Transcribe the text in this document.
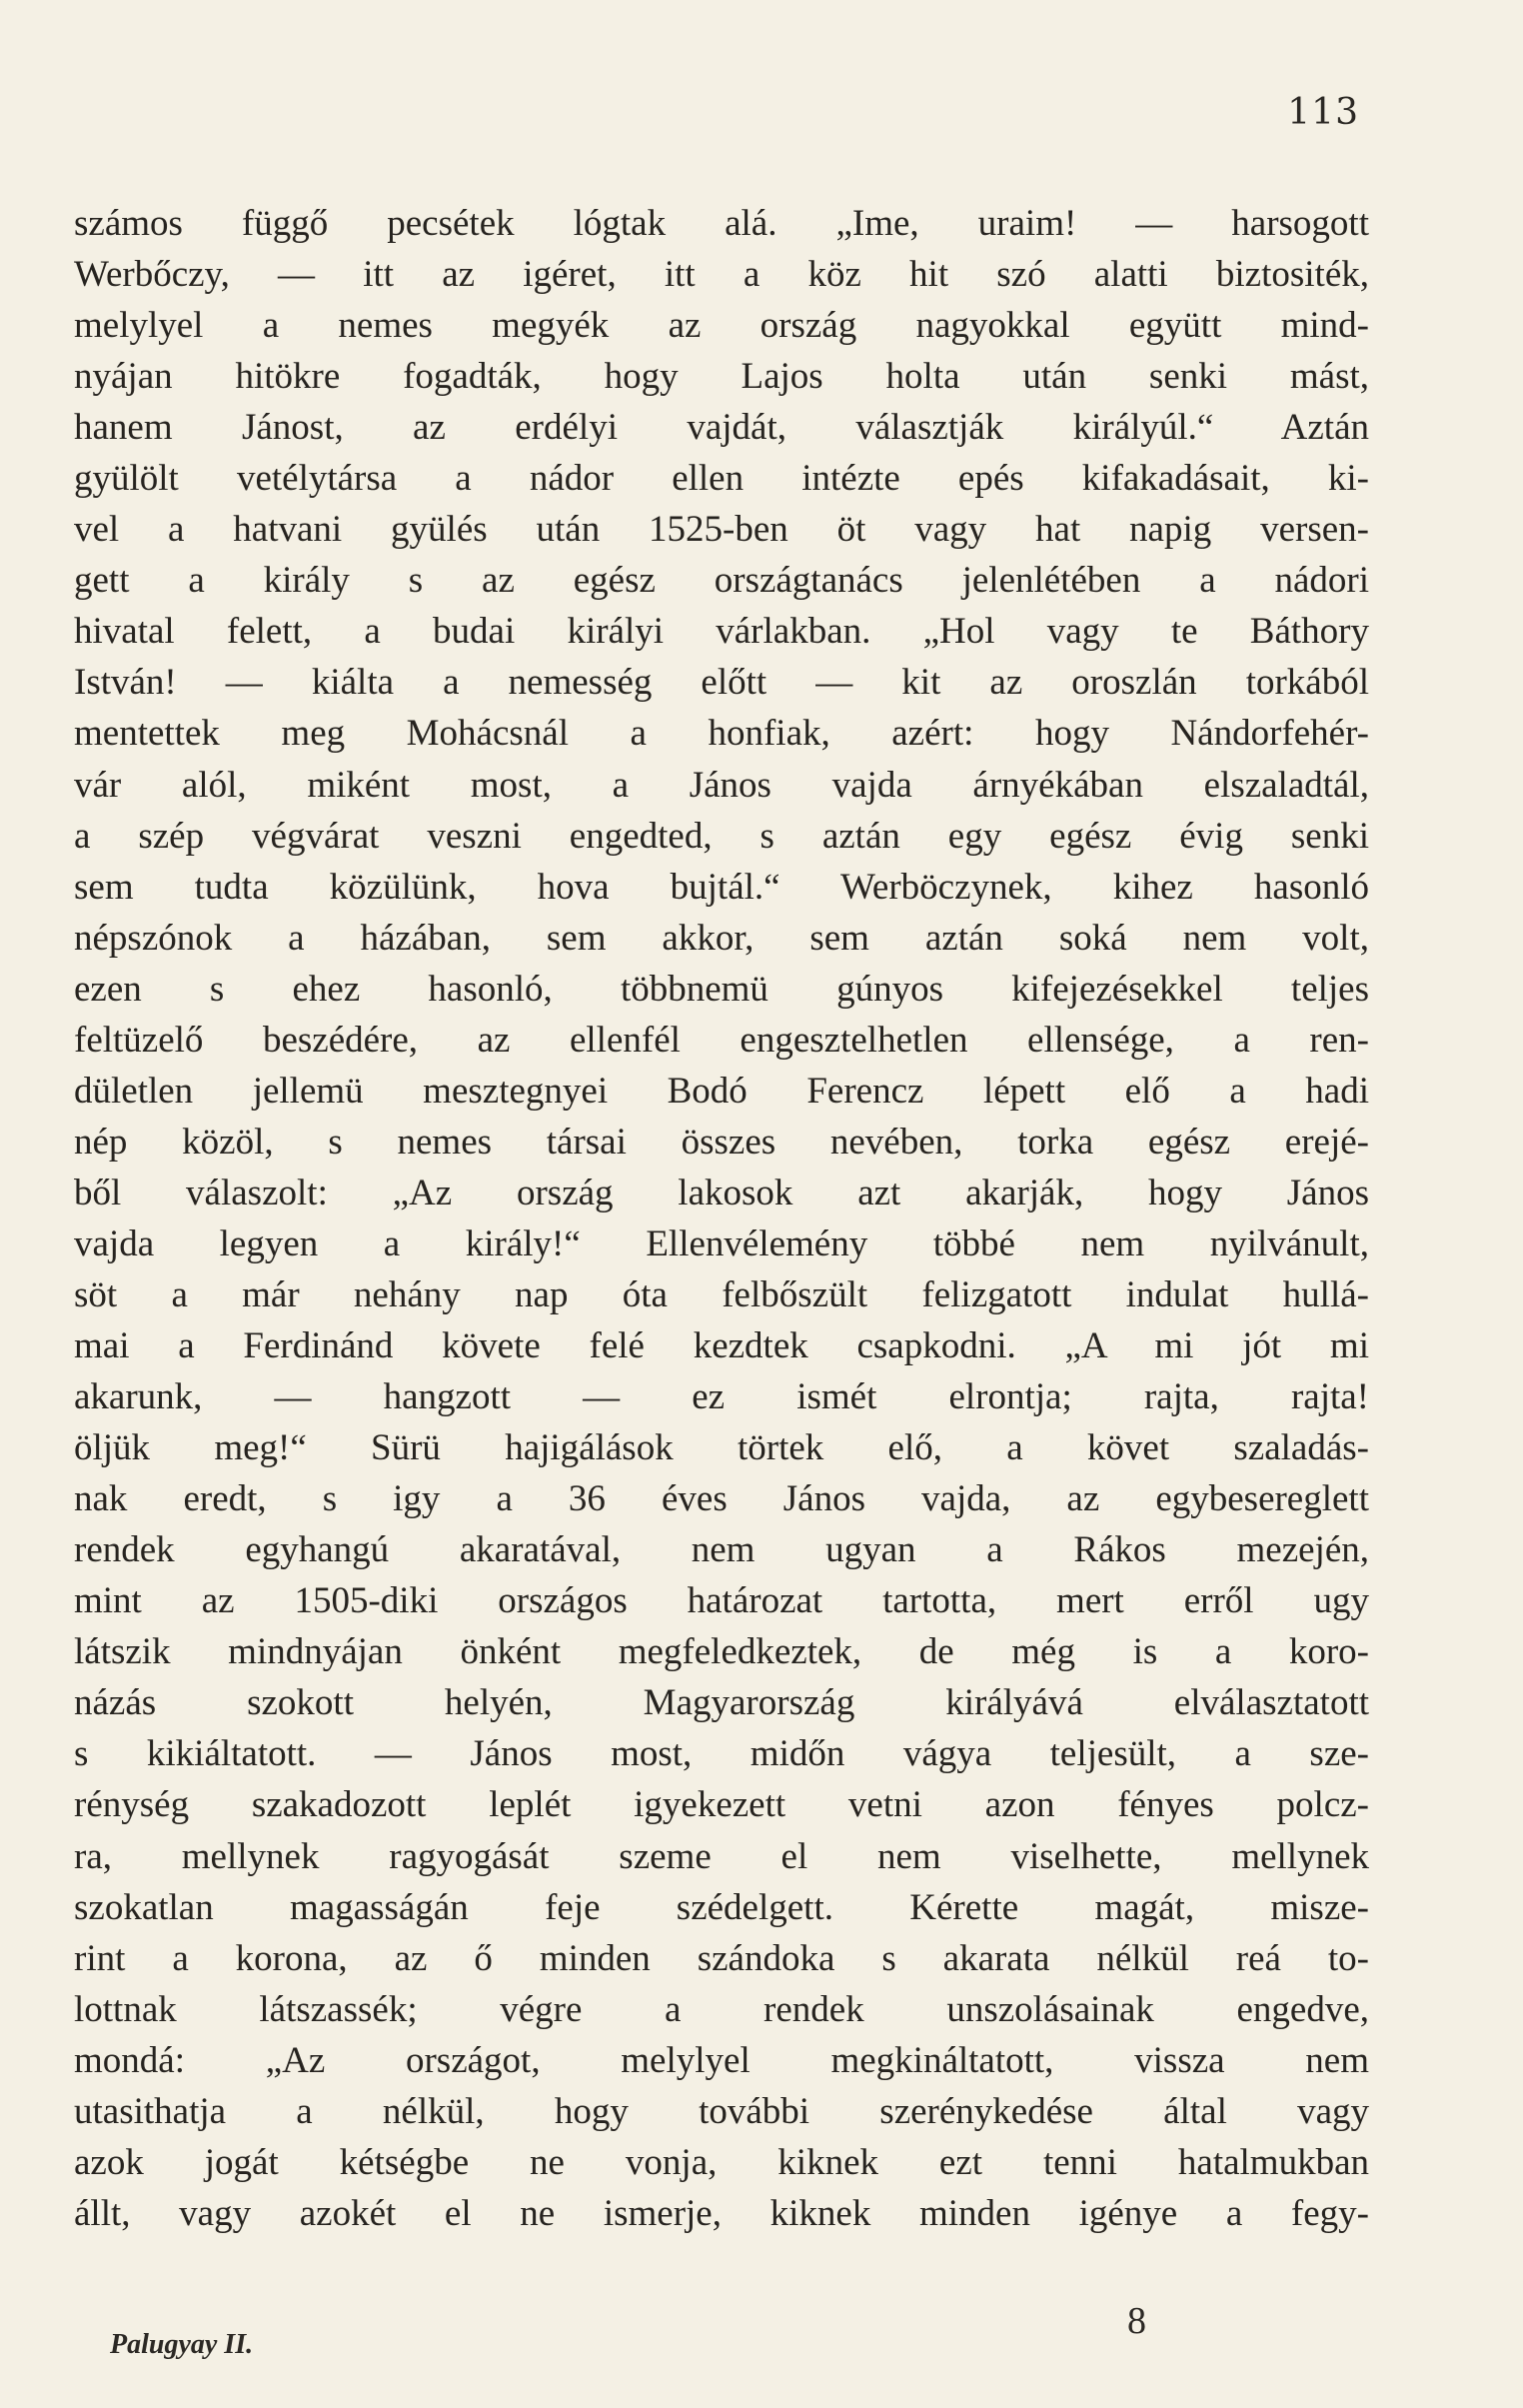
113
számos függő pecsétek lógtak alá. „Ime, uraim! — harsogott
Werbőczy, — itt az igéret, itt a köz hit szó alatti biztositék,
melylyel a nemes megyék az ország nagyokkal együtt mind-
nyájan hitökre fogadták, hogy Lajos holta után senki mást,
hanem Jánost, az erdélyi vajdát, választják királyúl.“ Aztán
gyülölt vetélytársa a nádor ellen intézte epés kifakadásait, ki-
vel a hatvani gyülés után 1525-ben öt vagy hat napig versen-
gett a király s az egész országtanács jelenlétében a nádori
hivatal felett, a budai királyi várlakban. „Hol vagy te Báthory
István! — kiálta a nemesség előtt — kit az oroszlán torkából
mentettek meg Mohácsnál a honfiak, azért: hogy Nándorfehér-
vár alól, miként most, a János vajda árnyékában elszaladtál,
a szép végvárat veszni engedted, s aztán egy egész évig senki
sem tudta közülünk, hova bujtál.“ Werböczynek, kihez hasonló
népszónok a házában, sem akkor, sem aztán soká nem volt,
ezen s ehez hasonló, többnemü gúnyos kifejezésekkel teljes
feltüzelő beszédére, az ellenfél engesztelhetlen ellensége, a ren-
dületlen jellemü mesztegnyei Bodó Ferencz lépett elő a hadi
nép közöl, s nemes társai összes nevében, torka egész erejé-
ből válaszolt: „Az ország lakosok azt akarják, hogy János
vajda legyen a király!“ Ellenvélemény többé nem nyilvánult,
söt a már nehány nap óta felbőszült felizgatott indulat hullá-
mai a Ferdinánd követe felé kezdtek csapkodni. „A mi jót mi
akarunk, — hangzott — ez ismét elrontja; rajta, rajta!
öljük meg!“ Sürü hajigálások törtek elő, a követ szaladás-
nak eredt, s igy a 36 éves János vajda, az egybesereglett
rendek egyhangú akaratával, nem ugyan a Rákos mezején,
mint az 1505-diki országos határozat tartotta, mert erről ugy
látszik mindnyájan önként megfeledkeztek, de még is a koro-
názás szokott helyén, Magyarország királyává elválasztatott
s kikiáltatott. — János most, midőn vágya teljesült, a sze-
rénység szakadozott leplét igyekezett vetni azon fényes polcz-
ra, mellynek ragyogását szeme el nem viselhette, mellynek
szokatlan magasságán feje szédelgett. Kérette magát, misze-
rint a korona, az ő minden szándoka s akarata nélkül reá to-
lottnak látszassék; végre a rendek unszolásainak engedve,
mondá: „Az országot, melylyel megkináltatott, vissza nem
utasithatja a nélkül, hogy további szerénykedése által vagy
azok jogát kétségbe ne vonja, kiknek ezt tenni hatalmukban
állt, vagy azokét el ne ismerje, kiknek minden igénye a fegy-
Palugyay II.
8
